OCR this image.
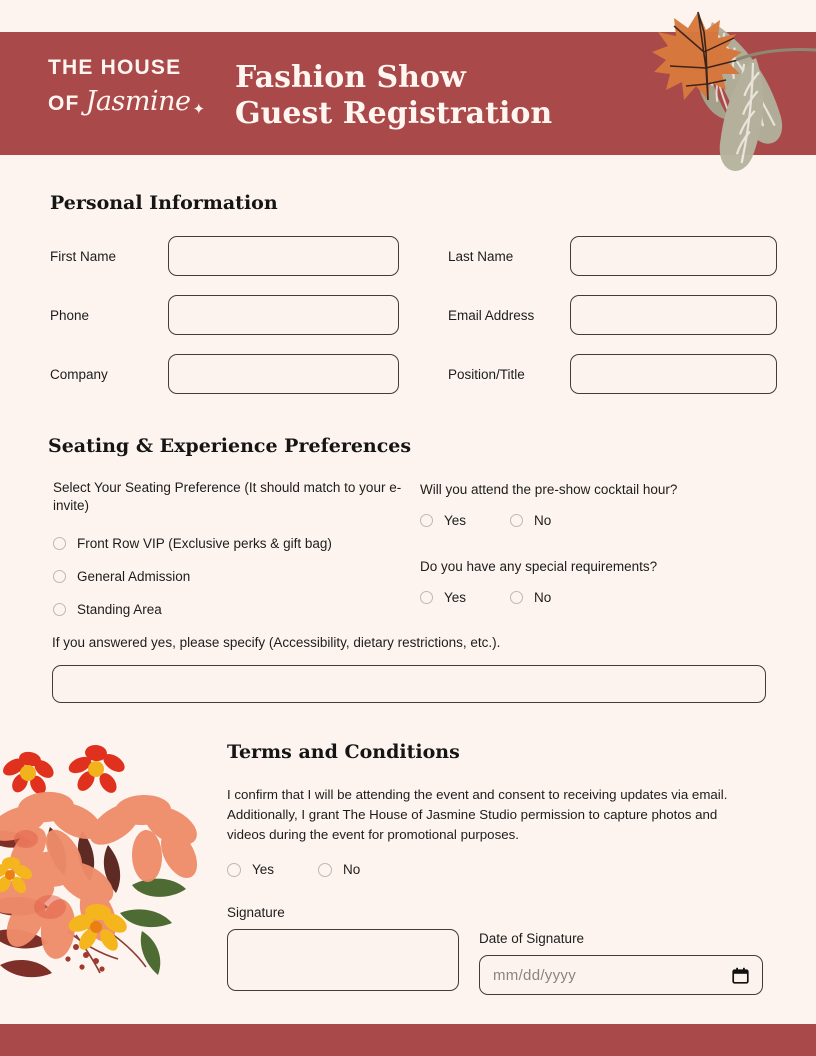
THE HOUSE
OF Jasmine ✦
Fashion Show
Guest Registration
Personal Information
First Name	Last Name
Phone	Email Address
Company	Position/Title
Seating & Experience Preferences
Select Your Seating Preference (It should match to your e-invite)
Front Row VIP (Exclusive perks & gift bag)
General Admission
Standing Area
Will you attend the pre-show cocktail hour?
Yes	No
Do you have any special requirements?
Yes	No
If you answered yes, please specify (Accessibility, dietary restrictions, etc.).
Terms and Conditions
I confirm that I will be attending the event and consent to receiving updates via email. Additionally, I grant The House of Jasmine Studio permission to capture photos and videos during the event for promotional purposes.
Yes	No
Signature
Date of Signature
mm/dd/yyyy
